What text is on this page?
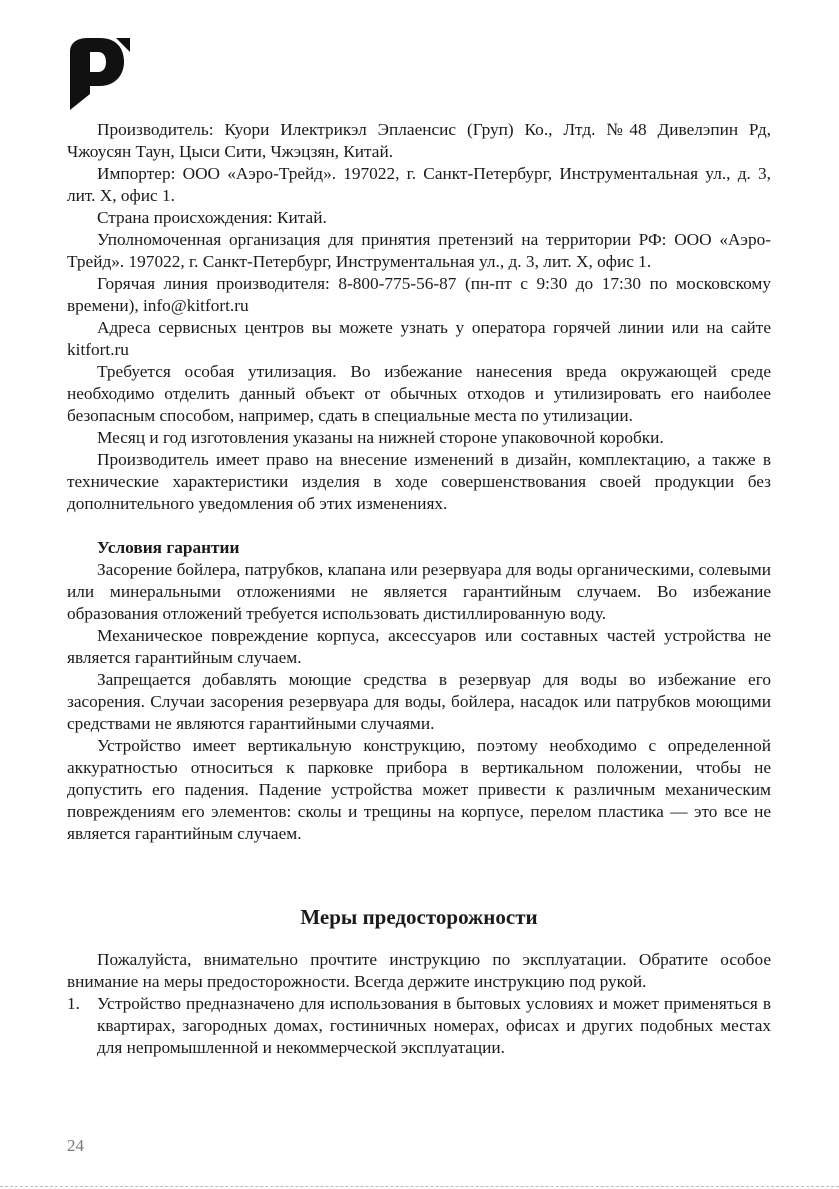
Производитель: Куори Илектрикэл Эплаенсис (Груп) Ко., Лтд. №48 Дивелэпин Рд, Чжоусян Таун, Цыси Сити, Чжэцзян, Китай.

Импортер: ООО «Аэро-Трейд». 197022, г. Санкт-Петербург, Инструментальная ул., д. 3, лит. Х, офис 1.

Страна происхождения: Китай.

Уполномоченная организация для принятия претензий на территории РФ: ООО «Аэро-Трейд». 197022, г. Санкт-Петербург, Инструментальная ул., д. 3, лит. Х, офис 1.

Горячая линия производителя: 8-800-775-56-87 (пн-пт с 9:30 до 17:30 по московскому времени), info@kitfort.ru

Адреса сервисных центров вы можете узнать у оператора горячей линии или на сайте kitfort.ru

Требуется особая утилизация. Во избежание нанесения вреда окружающей среде необходимо отделить данный объект от обычных отходов и утилизировать его наиболее безопасным способом, например, сдать в специальные места по утилизации.

Месяц и год изготовления указаны на нижней стороне упаковочной коробки.

Производитель имеет право на внесение изменений в дизайн, комплектацию, а также в технические характеристики изделия в ходе совершенствования своей продукции без дополнительного уведомления об этих изменениях.

Условия гарантии

Засорение бойлера, патрубков, клапана или резервуара для воды органическими, солевыми или минеральными отложениями не является гарантийным случаем. Во избежание образования отложений требуется использовать дистиллированную воду.

Механическое повреждение корпуса, аксессуаров или составных частей устройства не является гарантийным случаем.

Запрещается добавлять моющие средства в резервуар для воды во избежание его засорения. Случаи засорения резервуара для воды, бойлера, насадок или патрубков моющими средствами не являются гарантийными случаями.

Устройство имеет вертикальную конструкцию, поэтому необходимо с определенной аккуратностью относиться к парковке прибора в вертикальном положении, чтобы не допустить его падения. Падение устройства может привести к различным механическим повреждениям его элементов: сколы и трещины на корпусе, перелом пластика — это все не является гарантийным случаем.

Меры предосторожности

Пожалуйста, внимательно прочтите инструкцию по эксплуатации. Обратите особое внимание на меры предосторожности. Всегда держите инструкцию под рукой.

1. Устройство предназначено для использования в бытовых условиях и может применяться в квартирах, загородных домах, гостиничных номерах, офисах и других подобных местах для непромышленной и некоммерческой эксплуатации.
24
